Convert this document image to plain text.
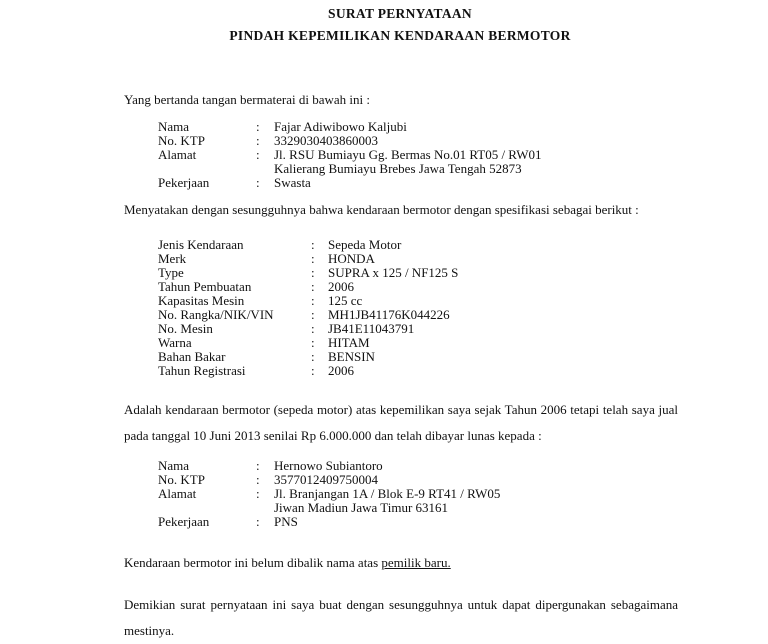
SURAT PERNYATAAN
PINDAH KEPEMILIKAN KENDARAAN BERMOTOR
Yang bertanda tangan bermaterai di bawah ini :
Nama	: Fajar Adiwibowo Kaljubi
No. KTP	: 3329030403860003
Alamat	: Jl. RSU Bumiayu Gg. Bermas No.01 RT05 / RW01
Kalierang Bumiayu Brebes Jawa Tengah 52873
Pekerjaan	: Swasta
Menyatakan dengan sesungguhnya bahwa kendaraan bermotor dengan spesifikasi sebagai berikut :
Jenis Kendaraan	: Sepeda Motor
Merk	: HONDA
Type	: SUPRA x 125 / NF125 S
Tahun Pembuatan	: 2006
Kapasitas Mesin	: 125 cc
No. Rangka/NIK/VIN	: MH1JB41176K044226
No. Mesin	: JB41E11043791
Warna	: HITAM
Bahan Bakar	: BENSIN
Tahun Registrasi	: 2006
Adalah kendaraan bermotor (sepeda motor) atas kepemilikan saya sejak Tahun 2006 tetapi telah saya jual pada tanggal 10 Juni 2013 senilai Rp 6.000.000 dan telah dibayar lunas kepada :
Nama	: Hernowo Subiantoro
No. KTP	: 3577012409750004
Alamat	: Jl. Branjangan 1A / Blok E-9 RT41 / RW05
Jiwan Madiun Jawa Timur 63161
Pekerjaan	: PNS
Kendaraan bermotor ini belum dibalik nama atas pemilik baru.
Demikian surat pernyataan ini saya buat dengan sesungguhnya untuk dapat dipergunakan sebagaimana mestinya.
